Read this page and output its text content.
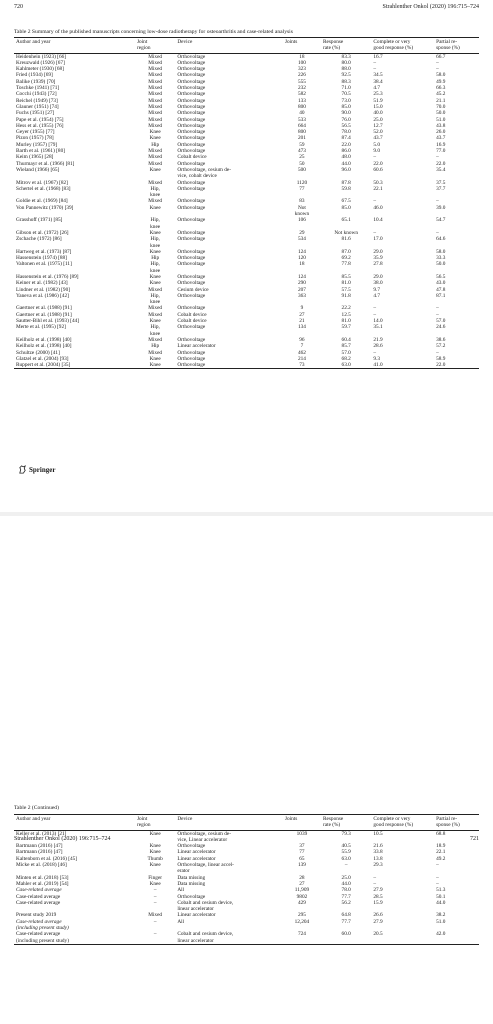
720	Strahlenther Onkol (2020) 196:715–724
Table 2 Summary of the published manuscripts concerning low-dose radiotherapy for osteoarthritis and case-related analysis
Author and year	Joint
region	Device	Joints	Response
rate (%)	Complete or very
good response (%)	Partial re-
sponse (%)
Heidenhein (1923) [66]	Mixed	Orthovoltage	18	83.3	16.7	66.7
Kreuzwald (1926) [67]	Mixed	Orthovoltage	100	80.0	–	–
Kahlmeter (1930) [68]	Mixed	Orthovoltage	323	88.0	–	–
Fried (1934) [69]	Mixed	Orthovoltage	226	92.5	34.5	58.0
Balike (1939) [70]	Mixed	Orthovoltage	555	88.3	38.4	49.9
Toschke (1941) [71]	Mixed	Orthovoltage	232	71.0	4.7	66.3
Cocchi (1943) [72]	Mixed	Orthovoltage	582	70.5	25.3	45.2
Reichel (1949) [73]	Mixed	Orthovoltage	133	73.0	51.9	21.1
Glauner (1951) [74]	Mixed	Orthovoltage	800	85.0	15.0	70.0
Fuchs (1951) [27]	Mixed	Orthovoltage	40	90.0	40.0	50.0
Pape et al. (1954) [75]	Mixed	Orthovoltage	533	76.0	25.0	51.0
Hess et al. (1955) [76]	Mixed	Orthovoltage	664	56.5	12.7	43.8
Geyer (1955) [77]	Knee	Orthovoltage	800	78.0	52.0	26.0
Pizon (1957) [78]	Knee	Orthovoltage	201	87.4	43.7	43.7
Murley (1957) [79]	Hip	Orthovoltage	59	22.0	5.0	16.9
Barth et al. (1961) [80]	Mixed	Orthovoltage	473	86.0	9.0	77.0
Keim (1965) [28]	Mixed	Cobalt device	25	48.0	–	–
Thurmayr et al. (1966) [81]	Mixed	Orthovoltage	50	44.0	22.0	22.0
Wieland (1966) [65]	Knee	Orthovoltage, cesium de-
vice, cobalt device	500	96.0	60.6	35.4
Mitrov et al. (1967) [82]	Mixed	Orthovoltage	1120	87.8	50.3	37.5
Schertel et al. (1968) [83]	Hip,
knee	Orthovoltage	77	59.8	22.1	37.7
Goldie et al. (1969) [84]	Mixed	Orthovoltage	83	67.5	–	–
Von Pannewitz (1970) [39]	Knee	Orthovoltage	Not
known	85.0	46.0	39.0
Grasshoff (1971) [85]	Hip,
knee	Orthovoltage	106	65.1	10.4	54.7
Gibson et al. (1972) [26]	Knee	Orthovoltage	29	Not known	–	–
Zschache (1972) [86]	Hip,
knee	Orthovoltage	534	81.6	17.0	64.6
Hartweg et al. (1973) [87]	Knee	Orthovoltage	124	87.0	29.0	58.0
Hassenstein (1974) [88]	Hip	Orthovoltage	120	69.2	35.9	33.3
Valtonen et al. (1975) [11]	Hip,
knee	Orthovoltage	18	77.8	27.8	50.0
Hassenstein et al. (1976) [89]	Knee	Orthovoltage	124	85.5	29.0	56.5
Keiner et al. (1982) [43]	Knee	Orthovoltage	290	81.0	38.0	43.0
Lindner et al. (1982) [90]	Mixed	Cesium device	207	57.5	9.7	47.8
Yaneva et al. (1986) [42]	Hip,
knee	Orthovoltage	363	91.8	4.7	87.1
Gaertner et al. (1988) [91]	Mixed	Orthovoltage	9	22.2	–	–
Gaertner et al. (1988) [91]	Mixed	Cobalt device	27	12.5	–	–
Sautter-Bihl et al. (1993) [44]	Knee	Cobalt device	21	81.0	14.0	57.0
Merte et al. (1995) [92]	Hip,
knee	Orthovoltage	134	59.7	35.1	24.6
Keilholz et al. (1998) [40]	Mixed	Orthovoltage	96	60.4	21.9	38.6
Keilholz et al. (1998) [40]	Hip	Linear accelerator	7	85.7	28.6	57.2
Schultze (2000) [41]	Mixed	Orthovoltage	462	57.0	–	–
Glatzel et al. (2004) [93]	Knee	Orthovoltage	214	68.2	9.3	58.9
Ruppert et al. (2004) [35]	Knee	Orthovoltage	73	63.0	41.0	22.0
Springer
Strahlenther Onkol (2020) 196:715–724	721
Table 2 (Continued)
Author and year	Joint
region	Device	Joints	Response
rate (%)	Complete or very
good response (%)	Partial re-
sponse (%)
Keller et al. (2013) [21]	Knee	Orthovoltage, cesium de-
vice, Linear accelerator	1039	79.3	10.5	68.8
Bartmann (2016) [47]	Knee	Orthovoltage	37	40.5	21.6	18.9
Bartmann (2016) [47]	Knee	Linear accelerator	77	55.9	33.8	22.1
Kaltenborn et al. (2016) [45]	Thumb	Linear accelerator	65	63.0	13.8	49.2
Micke et al. (2018) [46]	Knee	Orthovoltage, linear accel-
erator	139	–	29.3	–
Minten et al. (2018) [53]	Finger	Data missing	28	25.0	–	–
Mahler et al. (2019) [54]	Knee	Data missing	27	44.0	–	–
Case-related average	–	All	11,909	78.0	27.9	51.3
Case-related average	–	Orthovoltage	9802	77.7	28.5	50.1
Case-related average	–	Cobalt and cesium device,
linear accelerator	429	56.2	15.9	44.0
Present study 2019	Mixed	Linear accelerator	295	64.8	26.6	38.2
Case-related average
(including present study)	–	All	12,204	77.7	27.9	51.0
Case-related average
(including present study)	–	Cobalt and cesium device,
linear accelerator	724	60.0	20.5	42.0
